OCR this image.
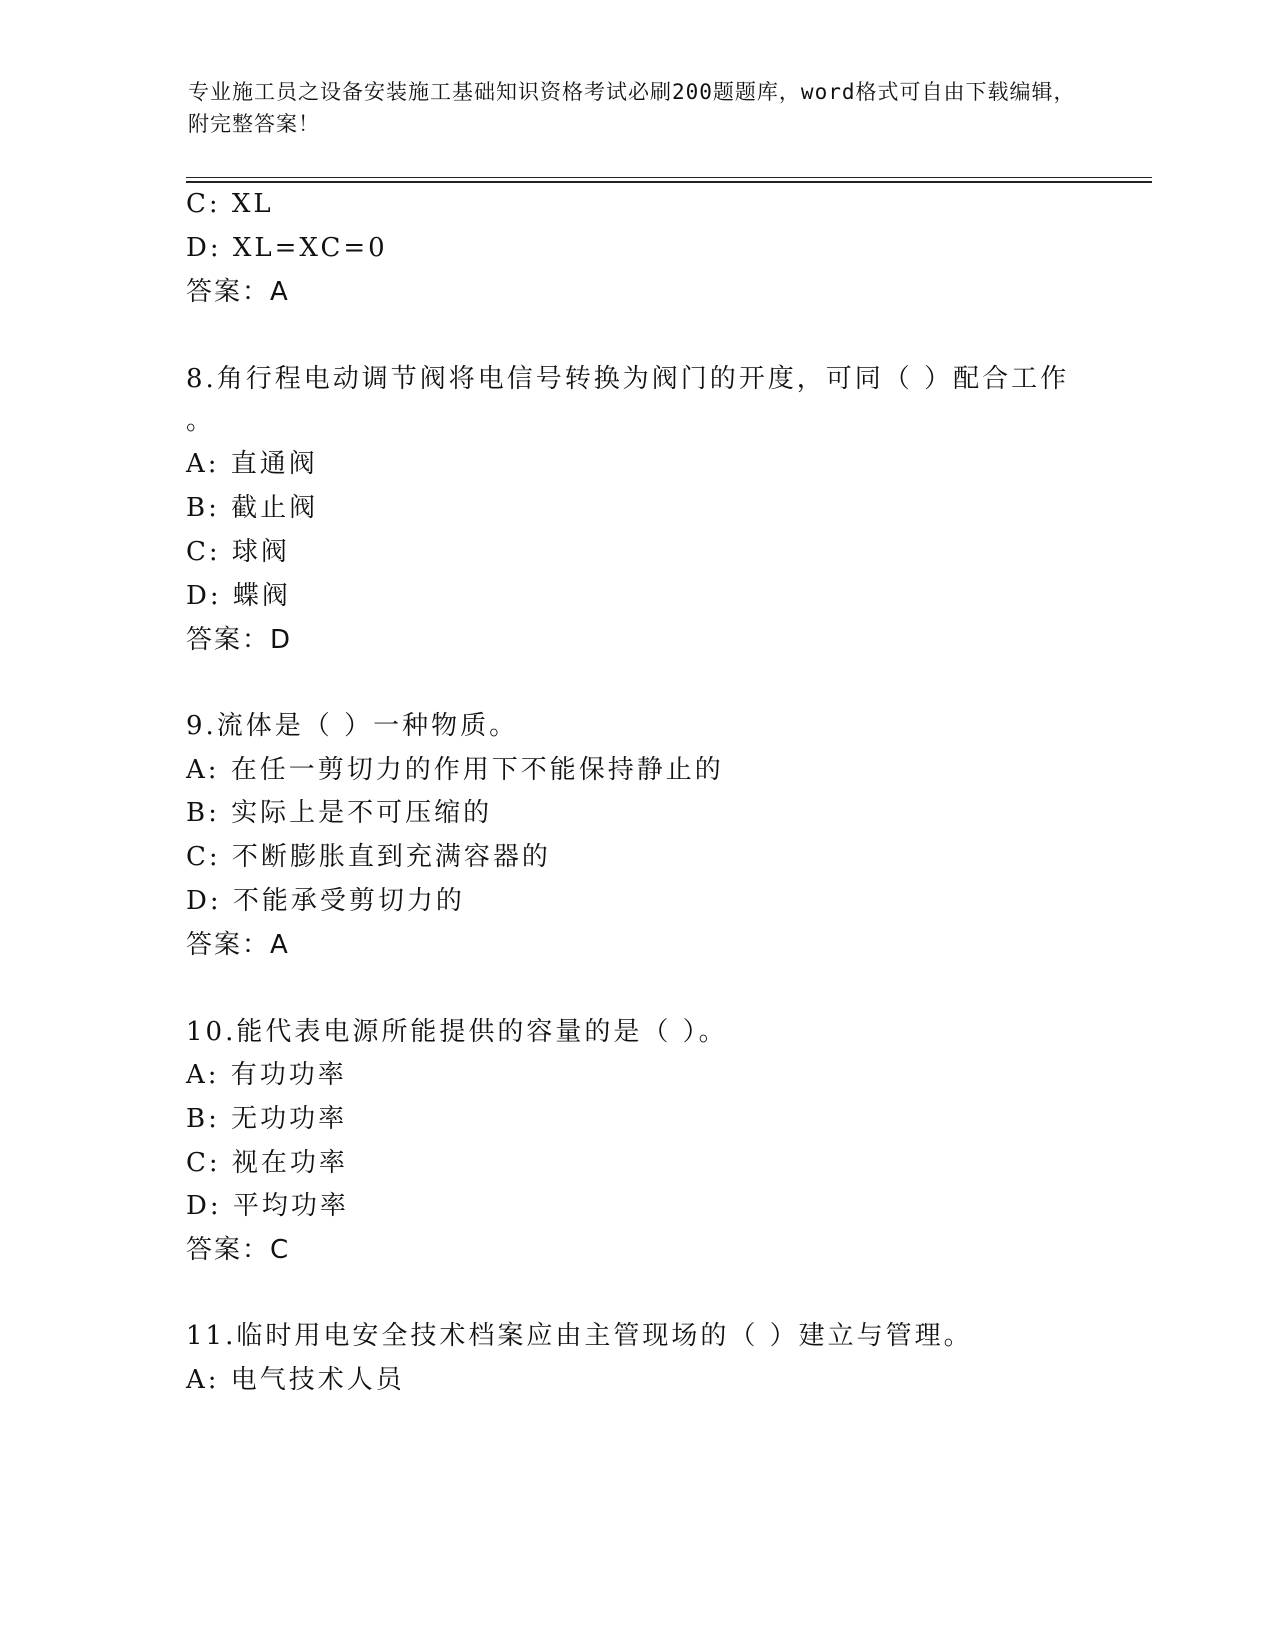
专业施工员之设备安装施工基础知识资格考试必刷200题题库，word格式可自由下载编辑，附完整答案！
C: XL
D: XL=XC=0
答案：A
8.角行程电动调节阀将电信号转换为阀门的开度，可同（ ）配合工作
。
A: 直通阀
B: 截止阀
C: 球阀
D: 蝶阀
答案：D
9.流体是（ ）一种物质。
A: 在任一剪切力的作用下不能保持静止的
B: 实际上是不可压缩的
C: 不断膨胀直到充满容器的
D: 不能承受剪切力的
答案：A
10.能代表电源所能提供的容量的是（ ）。
A: 有功功率
B: 无功功率
C: 视在功率
D: 平均功率
答案：C
11.临时用电安全技术档案应由主管现场的（ ）建立与管理。
A: 电气技术人员
